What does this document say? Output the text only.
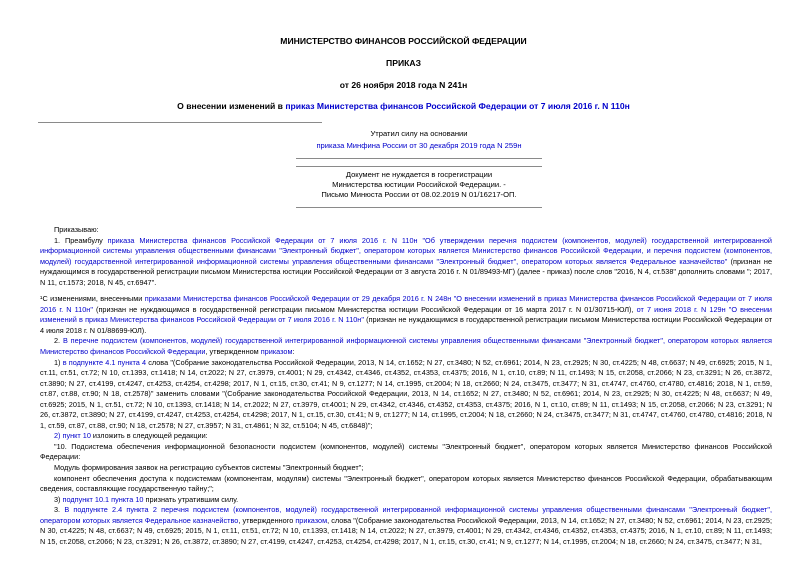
МИНИСТЕРСТВО ФИНАНСОВ РОССИЙСКОЙ ФЕДЕРАЦИИ
ПРИКАЗ
от 26 ноября 2018 года N 241н
О внесении изменений в приказ Министерства финансов Российской Федерации от 7 июля 2016 г. N 110н
Утратил силу на основании
приказа Минфина России от 30 декабря 2019 года N 259н
Документ не нуждается в госрегистрации
Министерства юстиции Российской Федерации. -
Письмо Минюста России от 08.02.2019 N 01/16217-ОП.

Приказываю:

1. Преамбулу приказа Министерства финансов Российской Федерации от 7 июля 2016 г. N 110н "Об утверждении перечня подсистем (компонентов, модулей) государственной интегрированной информационной системы управления общественными финансами "Электронный бюджет", оператором которых является Министерство финансов Российской Федерации, и перечня подсистем (компонентов, модулей) государственной интегрированной информационной системы управления общественными финансами "Электронный бюджет", оператором которых является Федеральное казначейство" (признан не нуждающимся в государственной регистрации письмом Министерства юстиции Российской Федерации от 3 августа 2016 г. N 01/89493-МГ) (далее - приказ) после слов "2016, N 4, ст.538" дополнить словами "; 2017, N 11, ст.1573; 2018, N 45, ст.6947".

¹С изменениями, внесенными приказами Министерства финансов Российской Федерации от 29 декабря 2016 г. N 248н "О внесении изменений в приказ Министерства финансов Российской Федерации от 7 июля 2016 г. N 110н" (признан не нуждающимся в государственной регистрации письмом Министерства юстиции Российской Федерации от 16 марта 2017 г. N 01/30715-ЮЛ), от 7 июня 2018 г. N 129н "О внесении изменений в приказ Министерства финансов Российской Федерации от 7 июля 2016 г. N 110н" (признан не нуждающимся в государственной регистрации письмом Министерства юстиции Российской Федерации от 4 июля 2018 г. N 01/88699-ЮЛ).

2. В перечне подсистем (компонентов, модулей) государственной интегрированной информационной системы управления общественными финансами "Электронный бюджет", оператором которых является Министерство финансов Российской Федерации, утвержденном приказом:

1) в подпункте 4.1 пункта 4 слова "(Собрание законодательства Российской Федерации, 2013, N 14, ст.1652; N 27, ст.3480; N 52, ст.6961; 2014, N 23, ст.2925; N 30, ст.4225; N 48, ст.6637; N 49, ст.6925; 2015, N 1, ст.11, ст.51, ст.72; N 10, ст.1393, ст.1418; N 14, ст.2022; N 27, ст.3979, ст.4001; N 29, ст.4342, ст.4346, ст.4352, ст.4353, ст.4375; 2016, N 1, ст.10, ст.89; N 11, ст.1493; N 15, ст.2058, ст.2066; N 23, ст.3291; N 26, ст.3872, ст.3890; N 27, ст.4199, ст.4247, ст.4253, ст.4254, ст.4298; 2017, N 1, ст.15, ст.30, ст.41; N 9, ст.1277; N 14, ст.1995, ст.2004; N 18, ст.2660; N 24, ст.3475, ст.3477; N 31, ст.4747, ст.4760, ст.4780, ст.4816; 2018, N 1, ст.59, ст.87, ст.88, ст.90; N 18, ст.2578)" заменить словами "(Собрание законодательства Российской Федерации, 2013, N 14, ст.1652; N 27, ст.3480; N 52, ст.6961; 2014, N 23, ст.2925; N 30, ст.4225; N 48, ст.6637; N 49, ст.6925; 2015, N 1, ст.51, ст.72; N 10, ст.1393, ст.1418; N 14, ст.2022; N 27, ст.3979, ст.4001; N 29, ст.4342, ст.4346, ст.4352, ст.4353, ст.4375; 2016, N 1, ст.10, ст.89; N 11, ст.1493; N 15, ст.2058, ст.2066; N 23, ст.3291; N 26, ст.3872, ст.3890; N 27, ст.4199, ст.4247, ст.4253, ст.4254, ст.4298; 2017, N 1, ст.15, ст.30, ст.41; N 9, ст.1277; N 14, ст.1995, ст.2004; N 18, ст.2660; N 24, ст.3475, ст.3477; N 31, ст.4747, ст.4760, ст.4780, ст.4816; 2018, N 1, ст.59, ст.87, ст.88, ст.90; N 18, ст.2578; N 27, ст.3957; N 31, ст.4861; N 32, ст.5104; N 45, ст.6848)";

2) пункт 10 изложить в следующей редакции:

"10. Подсистема обеспечения информационной безопасности подсистем (компонентов, модулей) системы "Электронный бюджет", оператором которых является Министерство финансов Российской Федерации:

Модуль формирования заявок на регистрацию субъектов системы "Электронный бюджет";

компонент обеспечения доступа к подсистемам (компонентам, модулям) системы "Электронный бюджет", оператором которых является Министерство финансов Российской Федерации, обрабатывающим сведения, составляющие государственную тайну;";

3) подпункт 10.1 пункта 10 признать утратившим силу.

3. В подпункте 2.4 пункта 2 перечня подсистем (компонентов, модулей) государственной интегрированной информационной системы управления общественными финансами "Электронный бюджет", оператором которых является Федеральное казначейство, утвержденного приказом, слова "(Собрание законодательства Российской Федерации, 2013, N 14, ст.1652; N 27, ст.3480; N 52, ст.6961; 2014, N 23, ст.2925; N 30, ст.4225; N 48, ст.6637; N 49, ст.6925; 2015, N 1, ст.11, ст.51, ст.72; N 10, ст.1393, ст.1418; N 14, ст.2022; N 27, ст.3979, ст.4001; N 29, ст.4342, ст.4346, ст.4352, ст.4353, ст.4375; 2016, N 1, ст.10, ст.89; N 11, ст.1493; N 15, ст.2058, ст.2066; N 23, ст.3291; N 26, ст.3872, ст.3890; N 27, ст.4199, ст.4247, ст.4253, ст.4254, ст.4298; 2017, N 1, ст.15, ст.30, ст.41; N 9, ст.1277; N 14, ст.1995, ст.2004; N 18, ст.2660; N 24, ст.3475, ст.3477; N 31,
